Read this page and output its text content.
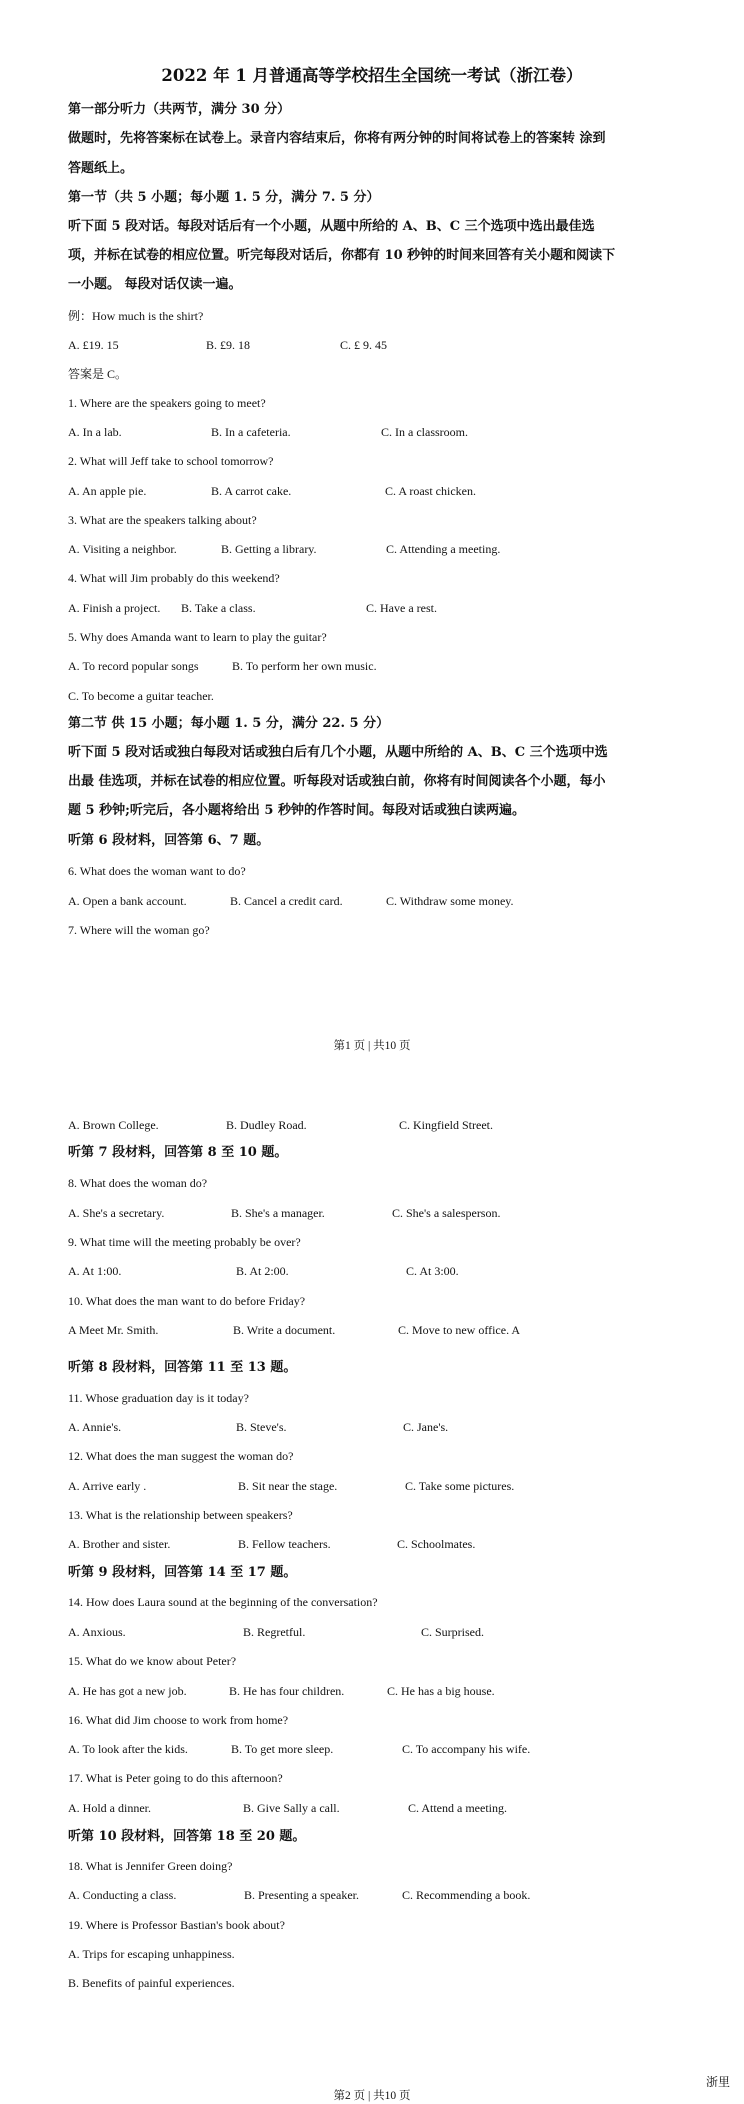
2022 年 1 月普通高等学校招生全国统一考试（浙江卷）
第一部分听力（共两节，满分 30 分）
做题时，先将答案标在试卷上。录音内容结束后，你将有两分钟的时间将试卷上的答案转 涂到
答题纸上。
第一节（共 5 小题；每小题 1. 5 分，满分 7. 5 分）
听下面 5 段对话。每段对话后有一个小题，从题中所给的 A、B、C 三个选项中选出最佳选
项，并标在试卷的相应位置。听完每段对话后，你都有 10 秒钟的时间来回答有关小题和阅读下
一小题。 每段对话仅读一遍。
例：How much is the shirt?
A. £19. 15	B. £9. 18	C. £ 9. 45
答案是 C。
1. Where are the speakers going to meet?
A. In a lab.	B. In a cafeteria.	C. In a classroom.
2. What will Jeff take to school tomorrow?
A. An apple pie.	B. A carrot cake.	C. A roast chicken.
3. What are the speakers talking about?
A. Visiting a neighbor.	B. Getting a library.	C. Attending a meeting.
4. What will Jim probably do this weekend?
A. Finish a project. B. Take a class.	C. Have a rest.
5. Why does Amanda want to learn to play the guitar?
A. To record popular songs	B. To perform her own music.
C. To become a guitar teacher.
第二节 供 15 小题；每小题 1. 5 分，满分 22. 5 分）
听下面 5 段对话或独白每段对话或独白后有几个小题，从题中所给的 A、B、C 三个选项中选
出最 佳选项，并标在试卷的相应位置。听每段对话或独白前，你将有时间阅读各个小题，每小
题 5 秒钟;听完后，各小题将给出 5 秒钟的作答时间。每段对话或独白读两遍。
听第 6 段材料，回答第 6、7 题。
6. What does the woman want to do?
A. Open a bank account.	B. Cancel a credit card.	C. Withdraw some money.
7. Where will the woman go?
第1 页 | 共10 页
A. Brown College.	B. Dudley Road.	C. Kingfield Street.
听第 7 段材料，回答第 8 至 10 题。
8. What does the woman do?
A. She's a secretary.	B. She's a manager.	C. She's a salesperson.
9. What time will the meeting probably be over?
A. At 1:00.	B. At 2:00.	C. At 3:00.
10. What does the man want to do before Friday?
A Meet Mr. Smith.	B. Write a document.	C. Move to new office. A
听第 8 段材料，回答第 11 至 13 题。
11. Whose graduation day is it today?
A. Annie's.	B. Steve's.	C. Jane's.
12. What does the man suggest the woman do?
A. Arrive early .	B. Sit near the stage.	C. Take some pictures.
13. What is the relationship between speakers?
A. Brother and sister.	B. Fellow teachers.	C. Schoolmates.
听第 9 段材料，回答第 14 至 17 题。
14. How does Laura sound at the beginning of the conversation?
A. Anxious.	B. Regretful.	C. Surprised.
15. What do we know about Peter?
A. He has got a new job.	B. He has four children.	C. He has a big house.
16. What did Jim choose to work from home?
A. To look after the kids.	B. To get more sleep.	C. To accompany his wife.
17. What is Peter going to do this afternoon?
A. Hold a dinner.	B. Give Sally a call.	C. Attend a meeting.
听第 10 段材料，回答第 18 至 20 题。
18. What is Jennifer Green doing?
A. Conducting a class.	B. Presenting a speaker.	C. Recommending a book.
19. Where is Professor Bastian's book about?
A. Trips for escaping unhappiness.
B. Benefits of painful experiences.
浙里
第2 页 | 共10 页
